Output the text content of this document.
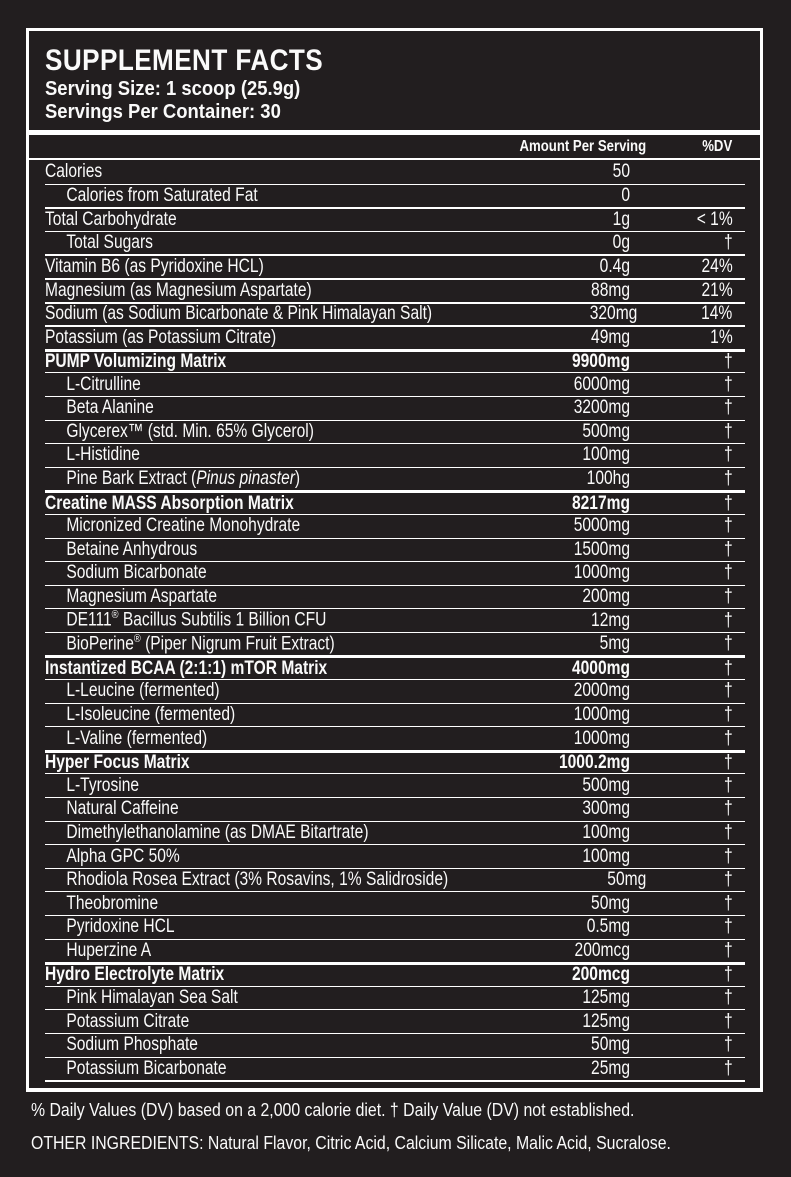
SUPPLEMENT FACTS
Serving Size: 1 scoop (25.9g)
Servings Per Container: 30
Amount Per Serving	%DV
Calories	50
Calories from Saturated Fat	0
Total Carbohydrate	1g	< 1%
Total Sugars	0g	†
Vitamin B6 (as Pyridoxine HCL)	0.4g	24%
Magnesium (as Magnesium Aspartate)	88mg	21%
Sodium (as Sodium Bicarbonate & Pink Himalayan Salt)	320mg	14%
Potassium (as Potassium Citrate)	49mg	1%
PUMP Volumizing Matrix	9900mg	†
L-Citrulline	6000mg	†
Beta Alanine	3200mg	†
Glycerex™ (std. Min. 65% Glycerol)	500mg	†
L-Histidine	100mg	†
Pine Bark Extract (Pinus pinaster)	100hg	†
Creatine MASS Absorption Matrix	8217mg	†
Micronized Creatine Monohydrate	5000mg	†
Betaine Anhydrous	1500mg	†
Sodium Bicarbonate	1000mg	†
Magnesium Aspartate	200mg	†
DE111® Bacillus Subtilis 1 Billion CFU	12mg	†
BioPerine® (Piper Nigrum Fruit Extract)	5mg	†
Instantized BCAA (2:1:1) mTOR Matrix	4000mg	†
L-Leucine (fermented)	2000mg	†
L-Isoleucine (fermented)	1000mg	†
L-Valine (fermented)	1000mg	†
Hyper Focus Matrix	1000.2mg	†
L-Tyrosine	500mg	†
Natural Caffeine	300mg	†
Dimethylethanolamine (as DMAE Bitartrate)	100mg	†
Alpha GPC 50%	100mg	†
Rhodiola Rosea Extract (3% Rosavins, 1% Salidroside)	50mg	†
Theobromine	50mg	†
Pyridoxine HCL	0.5mg	†
Huperzine A	200mcg	†
Hydro Electrolyte Matrix	200mcg	†
Pink Himalayan Sea Salt	125mg	†
Potassium Citrate	125mg	†
Sodium Phosphate	50mg	†
Potassium Bicarbonate	25mg	†
% Daily Values (DV) based on a 2,000 calorie diet. † Daily Value (DV) not established.
OTHER INGREDIENTS: Natural Flavor, Citric Acid, Calcium Silicate, Malic Acid, Sucralose.
